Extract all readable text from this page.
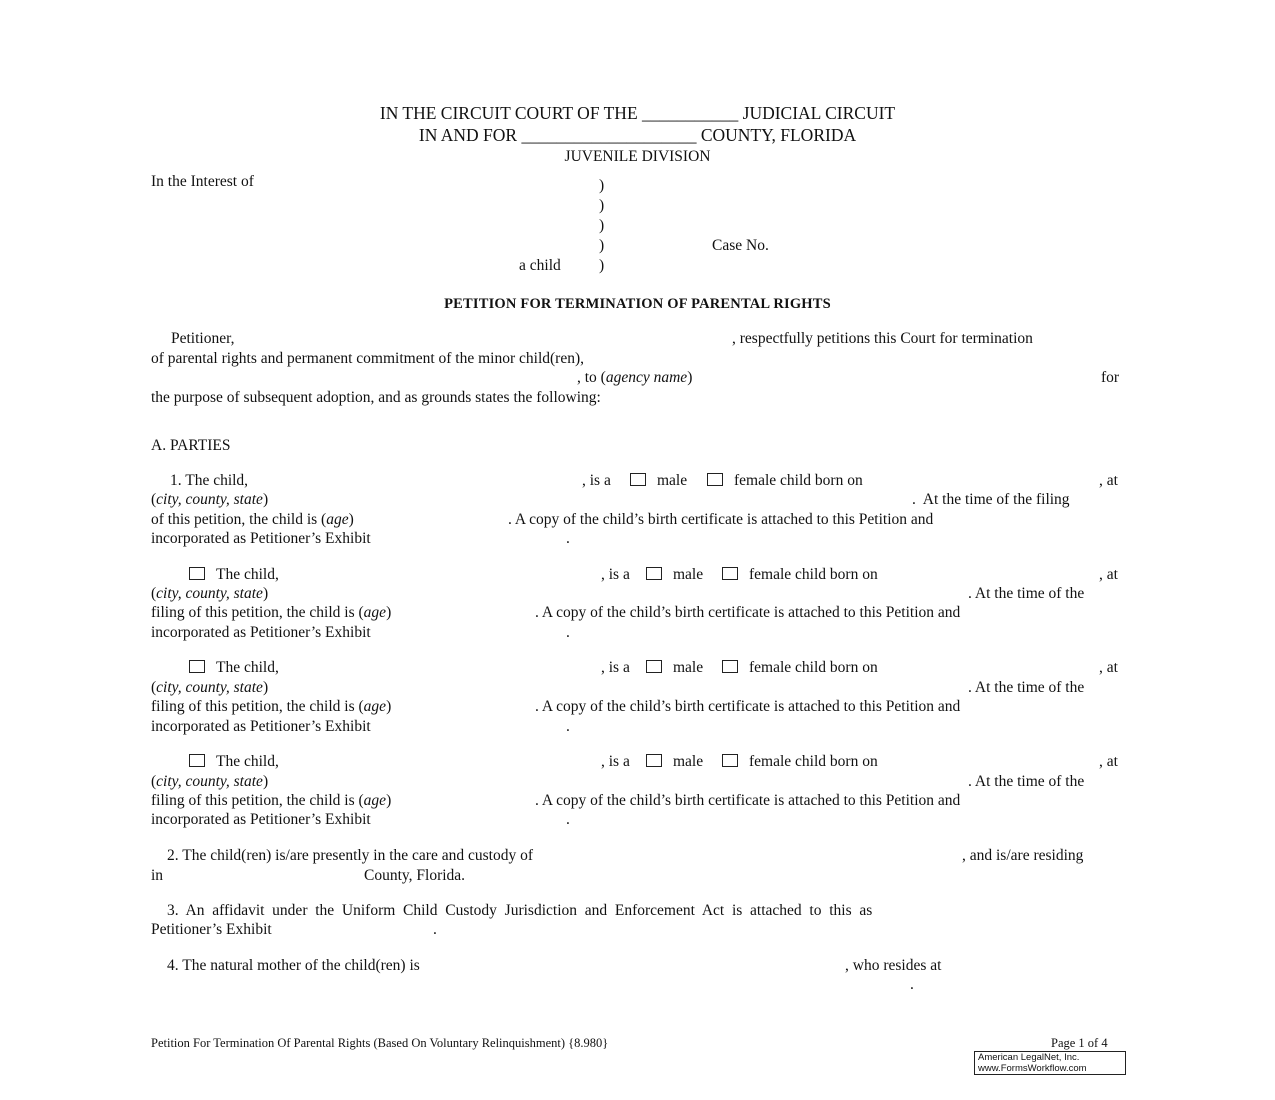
IN THE CIRCUIT COURT OF THE ___________ JUDICIAL CIRCUIT
IN AND FOR ____________________ COUNTY, FLORIDA
JUVENILE DIVISION
In the Interest of	)
)
)
)	Case No.
a child )
PETITION FOR TERMINATION OF PARENTAL RIGHTS
Petitioner,	, respectfully petitions this Court for termination
of parental rights and permanent commitment of the minor child(ren),
, to (agency name)	for
the purpose of subsequent adoption, and as grounds states the following:
A. PARTIES
1. The child,	, is a	male	female child born on	, at
(city, county, state)	.  At the time of the filing
of this petition, the child is (age)	. A copy of the child’s birth certificate is attached to this Petition and
incorporated as Petitioner’s Exhibit	.
The child,	, is a	male	female child born on	, at
(city, county, state)	. At the time of the
filing of this petition, the child is (age)	. A copy of the child’s birth certificate is attached to this Petition and
incorporated as Petitioner’s Exhibit	.
The child,	, is a	male	female child born on	, at
(city, county, state)	. At the time of the
filing of this petition, the child is (age)	. A copy of the child’s birth certificate is attached to this Petition and
incorporated as Petitioner’s Exhibit	.
The child,	, is a	male	female child born on	, at
(city, county, state)	. At the time of the
filing of this petition, the child is (age)	. A copy of the child’s birth certificate is attached to this Petition and
incorporated as Petitioner’s Exhibit	.
2. The child(ren) is/are presently in the care and custody of	, and is/are residing
in	County, Florida.
3.  An  affidavit  under  the  Uniform  Child  Custody  Jurisdiction  and  Enforcement  Act  is  attached  to  this  as
Petitioner’s Exhibit	.
4. The natural mother of the child(ren) is	, who resides at
.
Petition For Termination Of Parental Rights (Based On Voluntary Relinquishment) {8.980}	Page 1 of 4
American LegalNet, Inc.
www.FormsWorkflow.com
